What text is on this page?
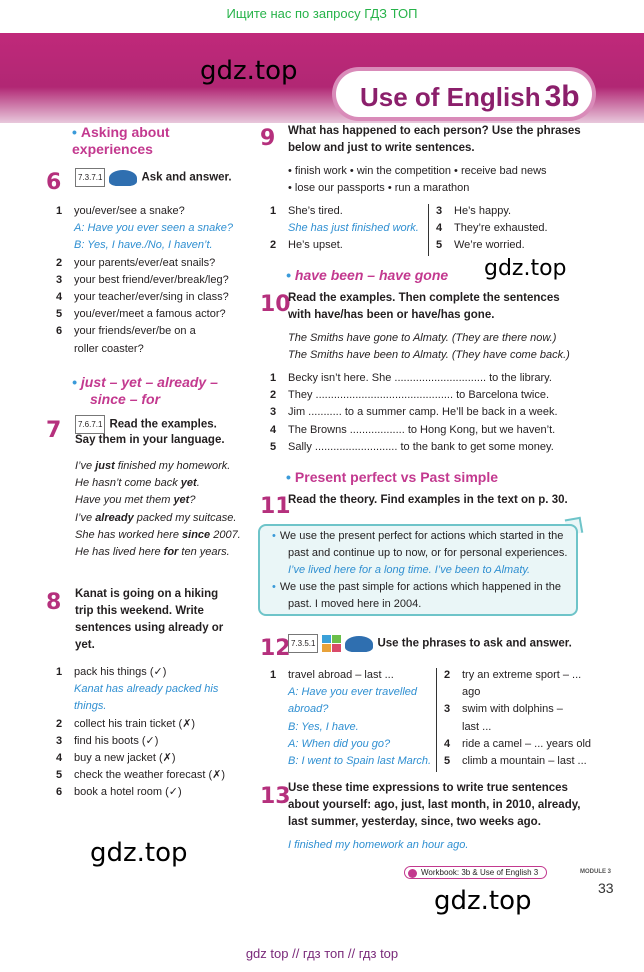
Ищите нас по запросу ГДЗ ТОП
Use of English 3b
gdz.top
gdz.top
gdz.top
gdz.top
• Asking about experiences
6	7.3.7.1	Ask and answer.
• just – yet – already –
since – for
7	7.6.7.1 Read the examples.
Say them in your language.
8
9 What has happened to each person? Use the phrases
below and just to write sentences.
• finish work • win the competition • receive bad news
• lose our passports • run a marathon
• have been – have gone
10
Read the examples. Then complete the sentences
with have/has been or have/has gone.
The Smiths have gone to Almaty. (They are there now.)
The Smiths have been to Almaty. (They have come back.)
• Present perfect vs Past simple
11
Read the theory. Find examples in the text on p. 30.
• We use the present perfect for actions which started in the
past and continue up to now, or for personal experiences.
I’ve lived here for a long time. I’ve been to Almaty.
• We use the past simple for actions which happened in the
past. I moved here in 2004.
12 7.3.5.1	Use the phrases to ask and answer.
13
Use these time expressions to write true sentences
about yourself: ago, just, last month, in 2010, already,
last summer, yesterday, since, two weeks ago.
I finished my homework an hour ago.
Workbook: 3b & Use of English 3	MODULE 3
33
gdz top // гдз топ // гдз top
1 you/ever/see a snake?
A: Have you ever seen a snake?
B: Yes, I have./No, I haven’t.
2 your parents/ever/eat snails?
3 your best friend/ever/break/leg?
4 your teacher/ever/sing in class?
5 you/ever/meet a famous actor?
6 your friends/ever/be on a
roller coaster?
I’ve just finished my homework.
He hasn’t come back yet.
Have you met them yet?
I’ve already packed my suitcase.
She has worked here since 2007.
He has lived here for ten years.
Kanat is going on a hiking
trip this weekend. Write
sentences using already or
yet.
1 pack his things (✓)
Kanat has already packed his
things.
2 collect his train ticket (✗)
3 find his boots (✓)
4 buy a new jacket (✗)
5 check the weather forecast (✗)
6 book a hotel room (✓)
1 She’s tired.
She has just finished work.
2 He’s upset.
3 He’s happy.
4 They’re exhausted.
5 We’re worried.
1 Becky isn’t here. She .............................. to the library.
2 They ............................................. to Barcelona twice.
3 Jim ........... to a summer camp. He’ll be back in a week.
4 The Browns .................. to Hong Kong, but we haven’t.
5 Sally ........................... to the bank to get some money.
1 travel abroad – last ...
A: Have you ever travelled
abroad?
B: Yes, I have.
A: When did you go?
B: I went to Spain last March.
2 try an extreme sport – ...
ago
3 swim with dolphins –
last ...
4 ride a camel – ... years old
5 climb a mountain – last ...
